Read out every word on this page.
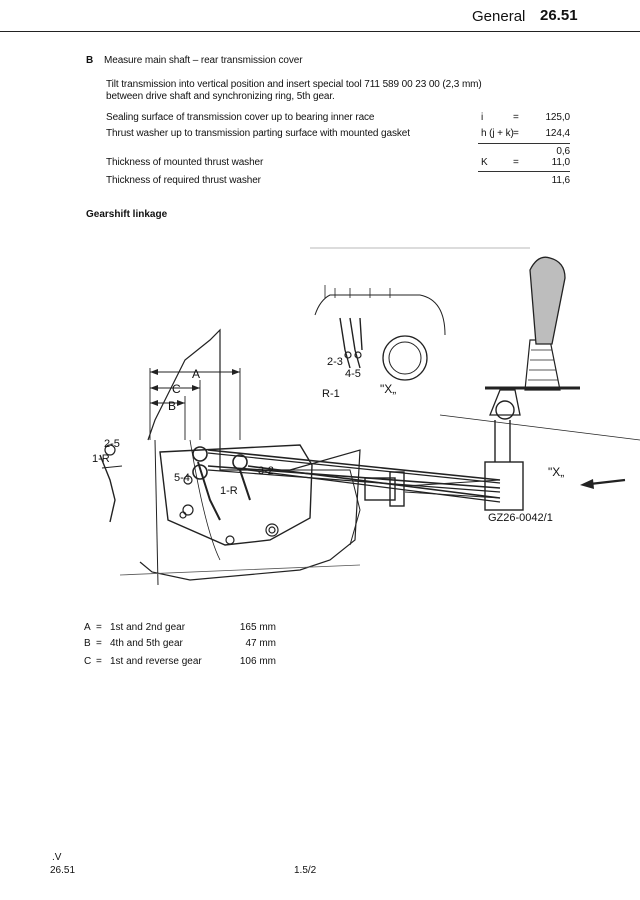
General 26.51
B Measure main shaft – rear transmission cover
Tilt transmission into vertical position and insert special tool 711 589 00 23 00 (2,3 mm) between drive shaft and synchronizing ring, 5th gear.
Sealing surface of transmission cover up to bearing inner race	i	=	125,0
Thrust washer up to transmission parting surface with mounted gasket	h (j + k) =	124,4
0,6
Thickness of mounted thrust washer	K	=	11,0
Thickness of required thrust washer	11,6
Gearshift linkage
A
C
B
2-5
1-R
5-4
3-2
1-R
2-3
4-5
R-1	"X„
"X„
GZ26-0042/1
A = 1st and 2nd gear	165 mm
B = 4th and 5th gear	47 mm
C = 1st and reverse gear	106 mm
.V
26.51	1.5/2
